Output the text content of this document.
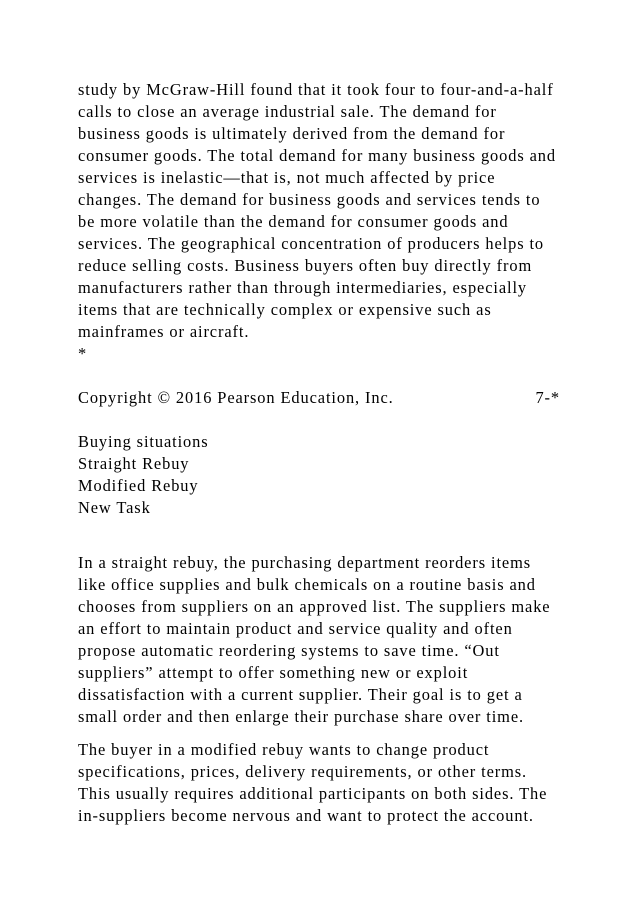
study by McGraw-Hill found that it took four to four-and-a-half
calls to close an average industrial sale. The demand for
business goods is ultimately derived from the demand for
consumer goods. The total demand for many business goods and
services is inelastic—that is, not much affected by price
changes. The demand for business goods and services tends to
be more volatile than the demand for consumer goods and
services. The geographical concentration of producers helps to
reduce selling costs. Business buyers often buy directly from
manufacturers rather than through intermediaries, especially
items that are technically complex or expensive such as
mainframes or aircraft.
*
Copyright © 2016 Pearson Education, Inc.	7-*
Buying situations
Straight Rebuy
Modified Rebuy
New Task
In a straight rebuy, the purchasing department reorders items
like office supplies and bulk chemicals on a routine basis and
chooses from suppliers on an approved list. The suppliers make
an effort to maintain product and service quality and often
propose automatic reordering systems to save time. “Out
suppliers” attempt to offer something new or exploit
dissatisfaction with a current supplier. Their goal is to get a
small order and then enlarge their purchase share over time.
The buyer in a modified rebuy wants to change product
specifications, prices, delivery requirements, or other terms.
This usually requires additional participants on both sides. The
in-suppliers become nervous and want to protect the account.
